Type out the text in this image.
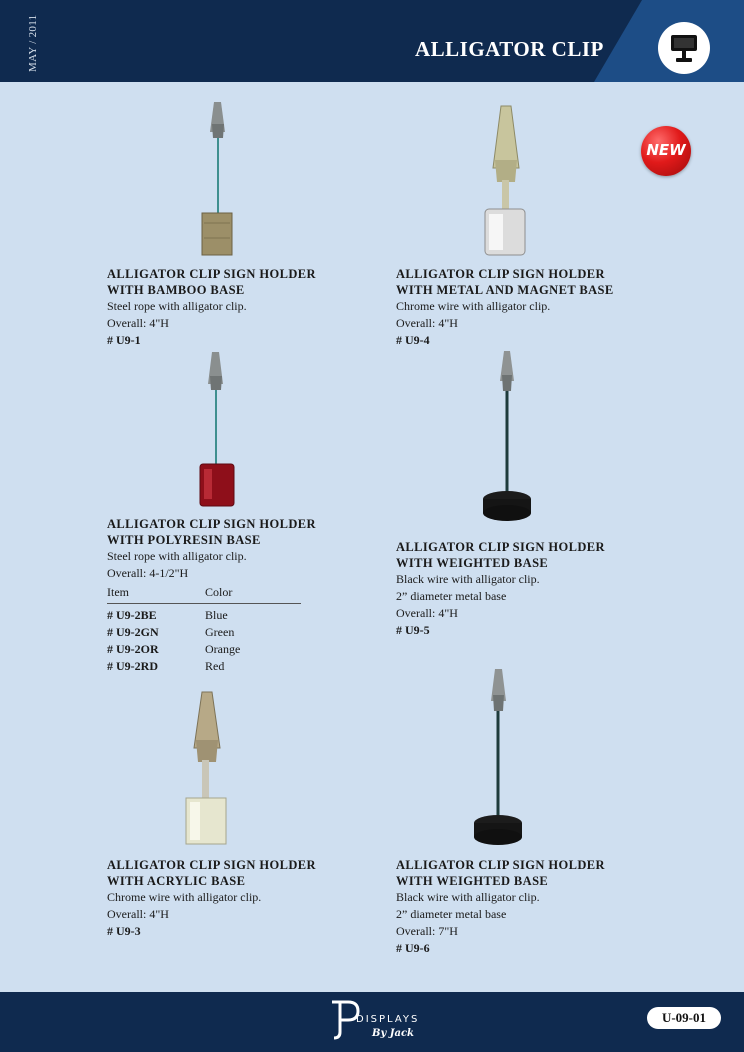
MAY / 2011	ALLIGATOR CLIP
NEW
ALLIGATOR CLIP SIGN HOLDER
WITH BAMBOO BASE
Steel rope with alligator clip.
Overall: 4"H
# U9-1
ALLIGATOR CLIP SIGN HOLDER
WITH METAL AND MAGNET BASE
Chrome wire with alligator clip.
Overall: 4"H
# U9-4
ALLIGATOR CLIP SIGN HOLDER
WITH POLYRESIN BASE
Steel rope with alligator clip.
Overall: 4-1/2"H
Item	Color
# U9-2BE	Blue
# U9-2GN	Green
# U9-2OR	Orange
# U9-2RD	Red
ALLIGATOR CLIP SIGN HOLDER
WITH WEIGHTED BASE
Black wire with alligator clip.
2” diameter metal base
Overall: 4"H
# U9-5
ALLIGATOR CLIP SIGN HOLDER
WITH ACRYLIC BASE
Chrome wire with alligator clip.
Overall: 4"H
# U9-3
ALLIGATOR CLIP SIGN HOLDER
WITH WEIGHTED BASE
Black wire with alligator clip.
2” diameter metal base
Overall: 7"H
# U9-6
DISPLAYS
By Jack
U-09-01
